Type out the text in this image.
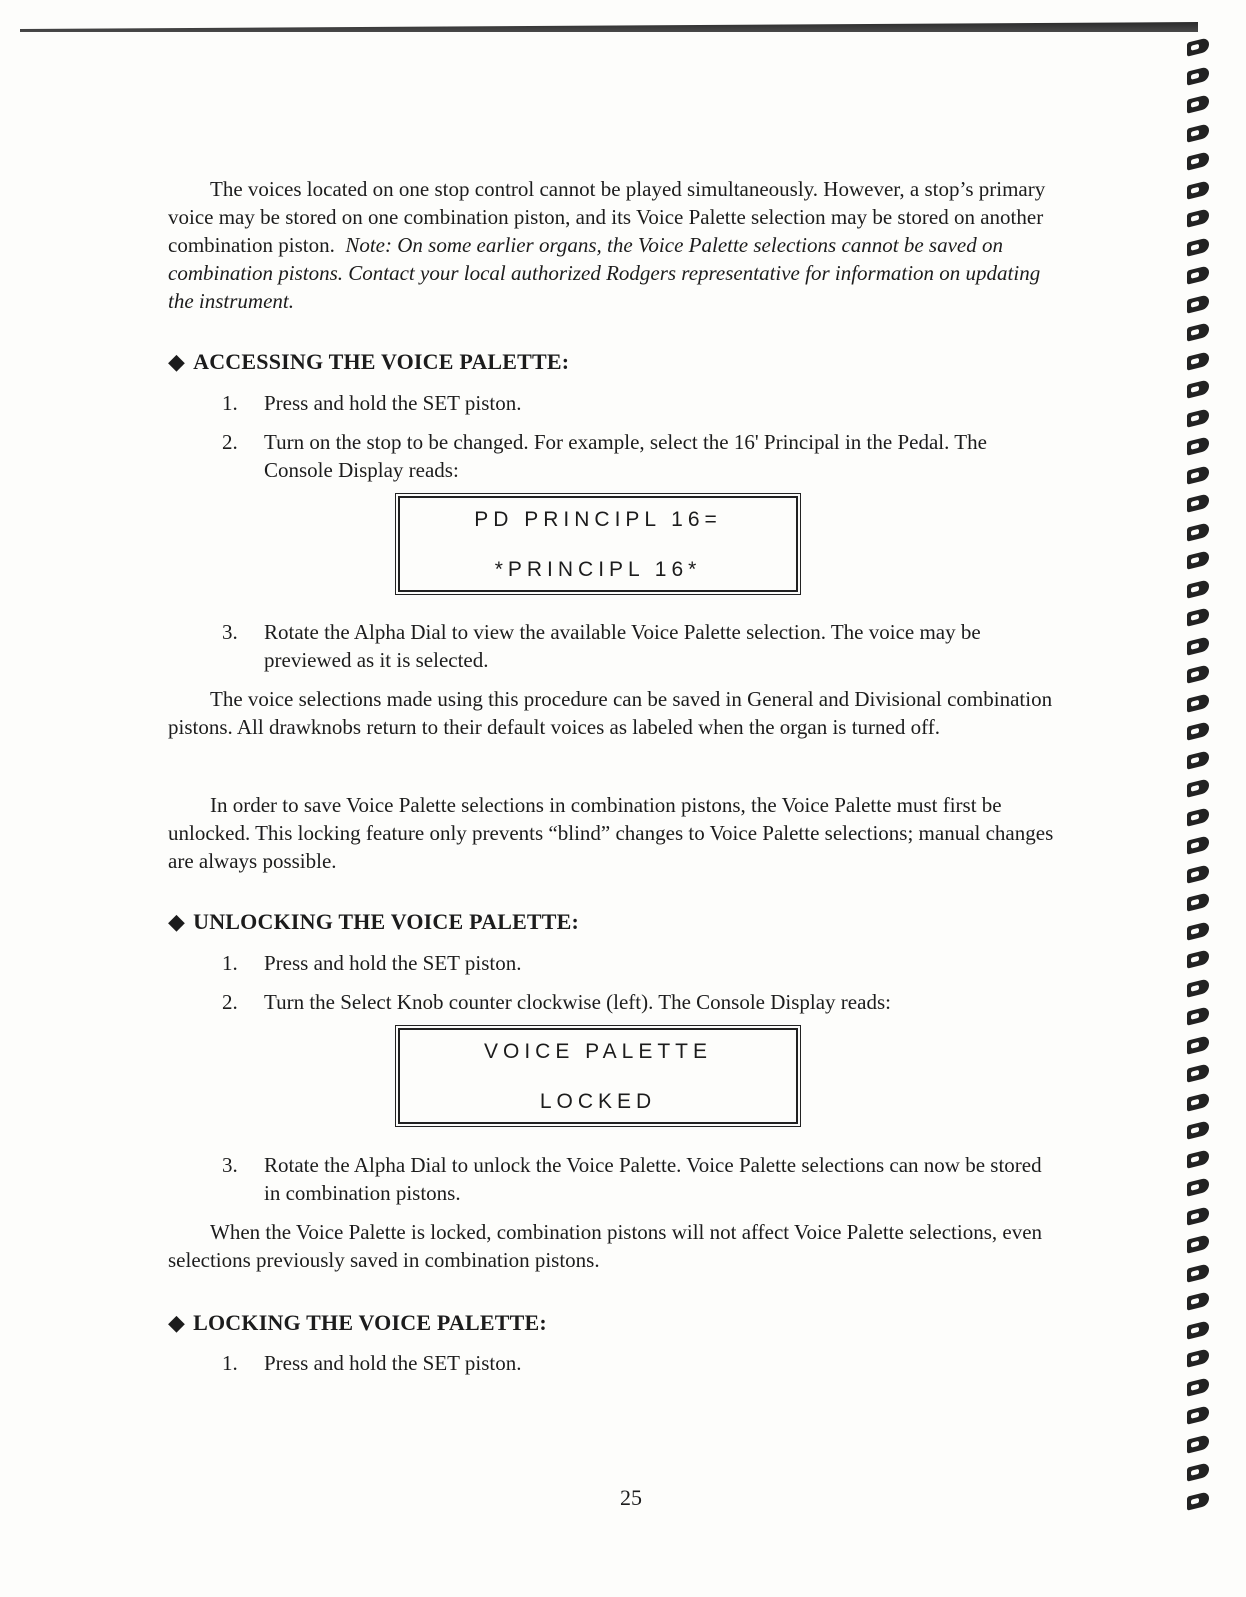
The voices located on one stop control cannot be played simultaneously. However, a stop’s primary voice may be stored on one combination piston, and its Voice Palette selection may be stored on another combination piston. Note: On some earlier organs, the Voice Palette selections cannot be saved on combination pistons. Contact your local authorized Rodgers representative for information on updating the instrument.

◆ ACCESSING THE VOICE PALETTE:
1.	Press and hold the SET piston.
2.	Turn on the stop to be changed. For example, select the 16' Principal in the Pedal. The Console Display reads:
PD PRINCIPL 16=
*PRINCIPL 16*
3.	Rotate the Alpha Dial to view the available Voice Palette selection. The voice may be previewed as it is selected.

The voice selections made using this procedure can be saved in General and Divisional combination pistons. All drawknobs return to their default voices as labeled when the organ is turned off.

In order to save Voice Palette selections in combination pistons, the Voice Palette must first be unlocked. This locking feature only prevents “blind” changes to Voice Palette selections; manual changes are always possible.

◆ UNLOCKING THE VOICE PALETTE:
1.	Press and hold the SET piston.
2.	Turn the Select Knob counter clockwise (left). The Console Display reads:
VOICE PALETTE
LOCKED
3.	Rotate the Alpha Dial to unlock the Voice Palette. Voice Palette selections can now be stored in combination pistons.

When the Voice Palette is locked, combination pistons will not affect Voice Palette selections, even selections previously saved in combination pistons.

◆ LOCKING THE VOICE PALETTE:
1.	Press and hold the SET piston.
25
